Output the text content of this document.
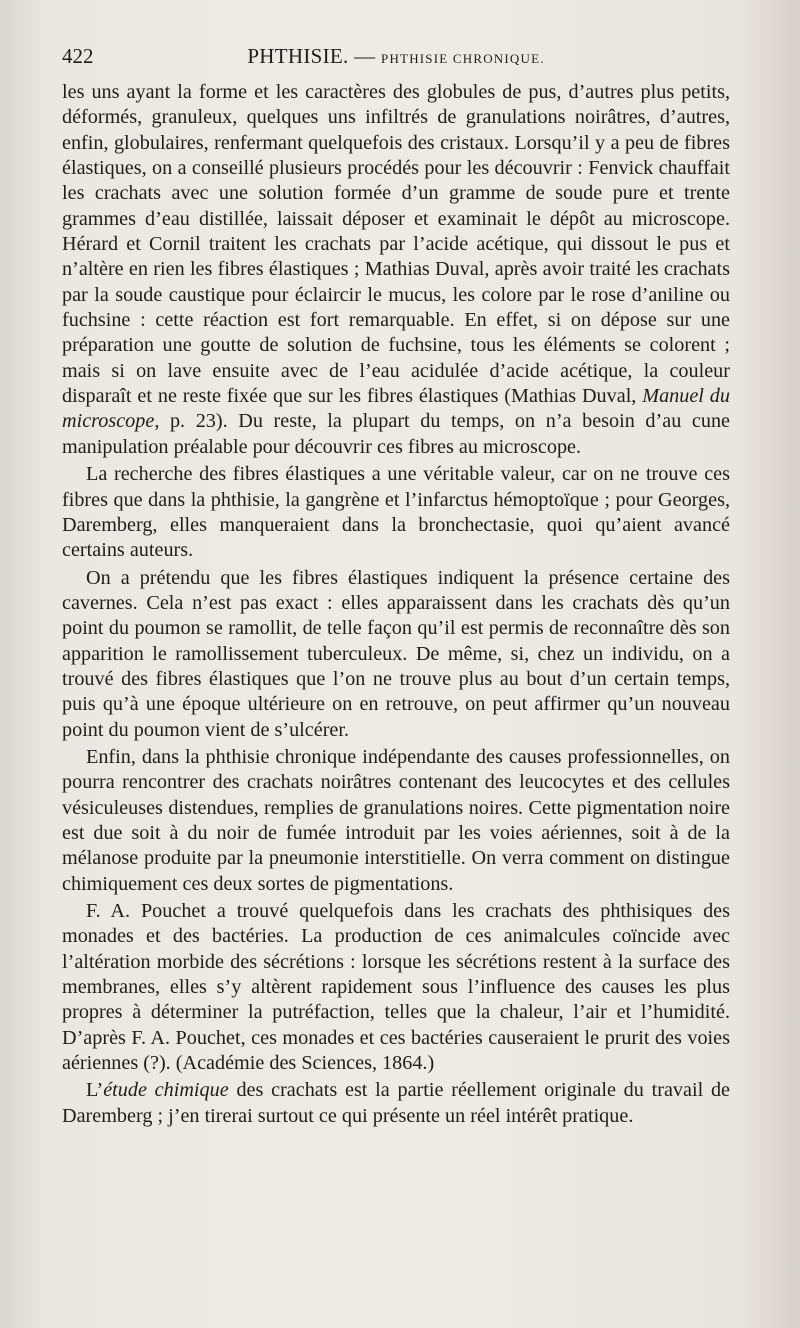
422	PHTHISIE. — PHTHISIE CHRONIQUE.

les uns ayant la forme et les caractères des globules de pus, d’autres plus petits, déformés, granuleux, quelques uns infiltrés de granulations noirâtres, d’autres, enfin, globulaires, renfermant quelquefois des cristaux. Lorsqu’il y a peu de fibres élastiques, on a conseillé plusieurs procédés pour les découvrir : Fenvick chauffait les crachats avec une solution formée d’un gramme de soude pure et trente grammes d’eau distillée, laissait déposer et examinait le dépôt au microscope. Hérard et Cornil traitent les crachats par l’acide acétique, qui dissout le pus et n’altère en rien les fibres élastiques ; Mathias Duval, après avoir traité les crachats par la soude caustique pour éclaircir le mucus, les colore par le rose d’aniline ou fuchsine : cette réaction est fort remarquable. En effet, si on dépose sur une préparation une goutte de solution de fuchsine, tous les éléments se colorent ; mais si on lave ensuite avec de l’eau acidulée d’acide acétique, la couleur disparaît et ne reste fixée que sur les fibres élastiques (Mathias Duval, Manuel du microscope, p. 23). Du reste, la plupart du temps, on n’a besoin d’au cune manipulation préalable pour découvrir ces fibres au microscope.

La recherche des fibres élastiques a une véritable valeur, car on ne trouve ces fibres que dans la phthisie, la gangrène et l’infarctus hémoptoïque ; pour Georges, Daremberg, elles manqueraient dans la bronchectasie, quoi qu’aient avancé certains auteurs.

On a prétendu que les fibres élastiques indiquent la présence certaine des cavernes. Cela n’est pas exact : elles apparaissent dans les crachats dès qu’un point du poumon se ramollit, de telle façon qu’il est permis de reconnaître dès son apparition le ramollissement tuberculeux. De même, si, chez un individu, on a trouvé des fibres élastiques que l’on ne trouve plus au bout d’un certain temps, puis qu’à une époque ultérieure on en retrouve, on peut affirmer qu’un nouveau point du poumon vient de s’ulcérer.

Enfin, dans la phthisie chronique indépendante des causes professionnelles, on pourra rencontrer des crachats noirâtres contenant des leucocytes et des cellules vésiculeuses distendues, remplies de granulations noires. Cette pigmentation noire est due soit à du noir de fumée introduit par les voies aériennes, soit à de la mélanose produite par la pneumonie interstitielle. On verra comment on distingue chimiquement ces deux sortes de pigmentations.

F. A. Pouchet a trouvé quelquefois dans les crachats des phthisiques des monades et des bactéries. La production de ces animalcules coïncide avec l’altération morbide des sécrétions : lorsque les sécrétions restent à la surface des membranes, elles s’y altèrent rapidement sous l’influence des causes les plus propres à déterminer la putréfaction, telles que la chaleur, l’air et l’humidité. D’après F. A. Pouchet, ces monades et ces bactéries causeraient le prurit des voies aériennes (?). (Académie des Sciences, 1864.)

L’étude chimique des crachats est la partie réellement originale du travail de Daremberg ; j’en tirerai surtout ce qui présente un réel intérêt pratique.
